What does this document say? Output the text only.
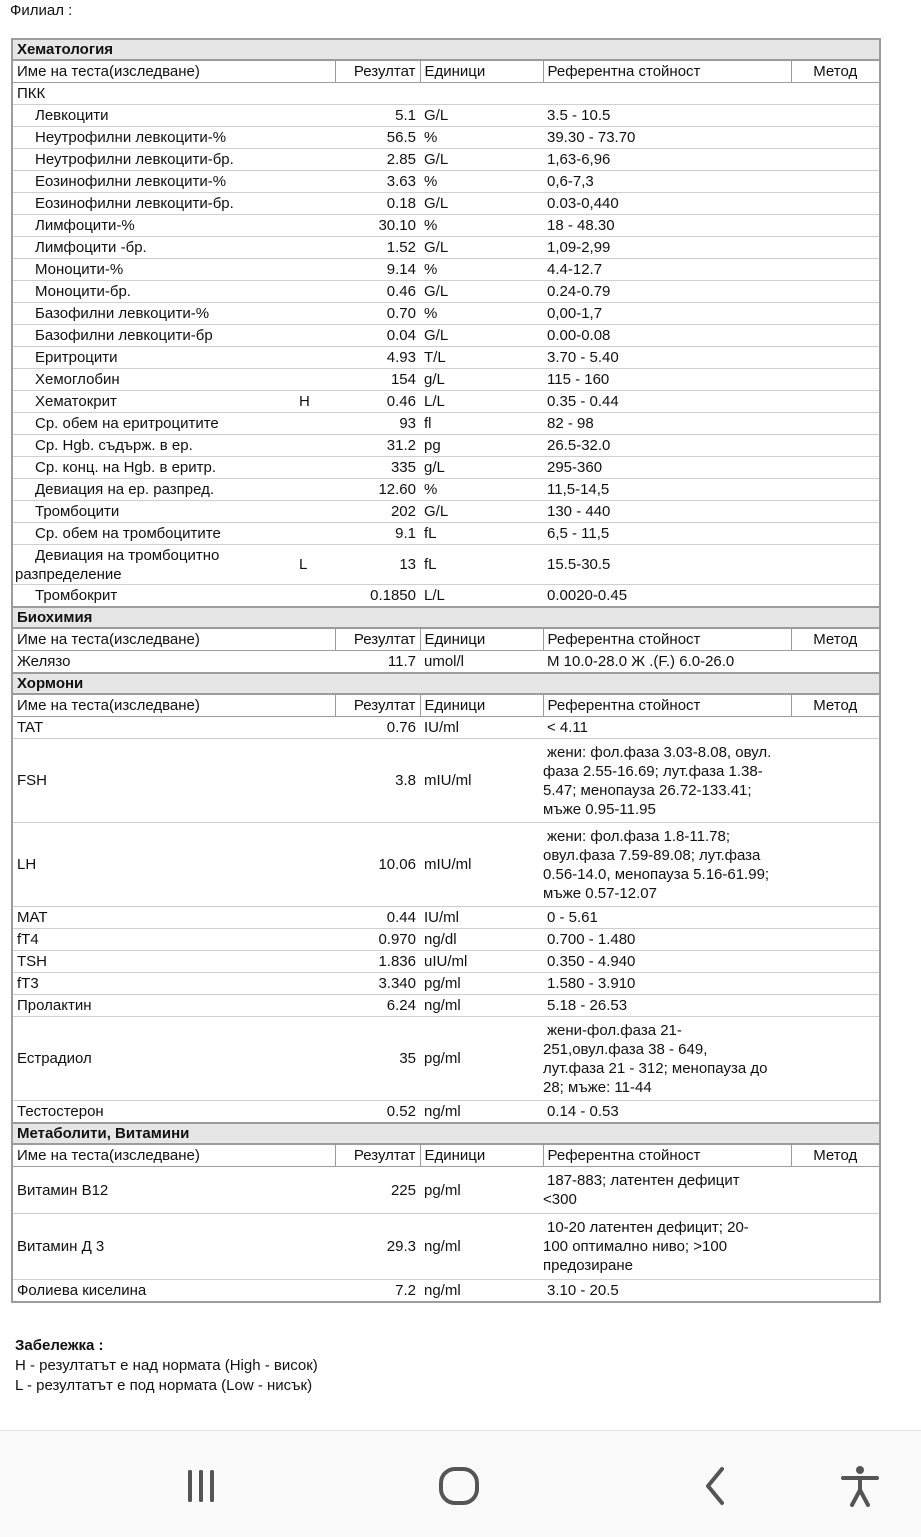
Филиал :
Хематология					
Име на теста(изследване)		Резултат	Единици	Референтна стойност	Метод
ПКК					
Левкоцити		5.1	G/L	3.5 - 10.5	
Неутрофилни левкоцити-%		56.5	%	39.30 - 73.70	
Неутрофилни левкоцити-бр.		2.85	G/L	1,63-6,96	
Еозинофилни левкоцити-%		3.63	%	0,6-7,3	
Еозинофилни левкоцити-бр.		0.18	G/L	0.03-0,440	
Лимфоцити-%		30.10	%	18 - 48.30	
Лимфоцити -бр.		1.52	G/L	1,09-2,99	
Моноцити-%		9.14	%	4.4-12.7	
Моноцити-бр.		0.46	G/L	0.24-0.79	
Базофилни левкоцити-%		0.70	%	0,00-1,7	
Базофилни левкоцити-бр		0.04	G/L	0.00-0.08	
Еритроцити		4.93	T/L	3.70 - 5.40	
Хемоглобин		154	g/L	115 - 160	
Хематокрит	H	0.46	L/L	0.35 - 0.44	
Ср. обем на еритроцитите		93	fl	82 - 98	
Ср. Hgb. съдърж. в ер.		31.2	pg	26.5-32.0	
Ср. конц. на Hgb. в еритр.		335	g/L	295-360	
Девиация на ер. разпред.		12.60	%	11,5-14,5	
Тромбоцити		202	G/L	130 - 440	
Ср. обем на тромбоцитите		9.1	fL	6,5 - 11,5	

Девиация на тромбоцитно
разпределение	L	13	fL	15.5-30.5	
Тромбокрит		0.1850	L/L	0.0020-0.45	
Биохимия					
Име на теста(изследване)		Резултат	Единици	Референтна стойност	Метод
Желязо		11.7	umol/l	М 10.0-28.0 Ж .(F.) 6.0-26.0	
Хормони					
Име на теста(изследване)		Резултат	Единици	Референтна стойност	Метод
TAT		0.76	IU/ml	< 4.11	
FSH		3.8	mIU/ml	жени: фол.фаза 3.03-8.08, овул.
фаза 2.55-16.69; лут.фаза 1.38-
5.47; менопауза 26.72-133.41;
мъже 0.95-11.95	

LH		10.06	mIU/ml	жени: фол.фаза 1.8-11.78;
овул.фаза 7.59-89.08; лут.фаза
0.56-14.0, менопауза 5.16-61.99;
мъже 0.57-12.07	

MAT		0.44	IU/ml	0 - 5.61	
fT4		0.970	ng/dl	0.700 - 1.480	
TSH		1.836	uIU/ml	0.350 - 4.940	
fT3		3.340	pg/ml	1.580 - 3.910	
Пролактин		6.24	ng/ml	5.18 - 26.53	
Естрадиол		35	pg/ml	жени-фол.фаза 21-
251,овул.фаза 38 - 649,
лут.фаза 21 - 312; менопауза до
28; мъже: 11-44	

Тестостерон		0.52	ng/ml	0.14 - 0.53	
Метаболити, Витамини					
Име на теста(изследване)		Резултат	Единици	Референтна стойност	Метод
Витамин B12		225	pg/ml	187-883; латентен дефицит
<300	

Витамин Д 3		29.3	ng/ml	10-20 латентен дефицит; 20-
100 оптимално ниво; >100
предозиране	

Фолиева киселина		7.2	ng/ml	3.10 - 20.5	
Забележка :
H - резултатът е над нормата (High - висок)
L - резултатът е под нормата (Low - нисък)
